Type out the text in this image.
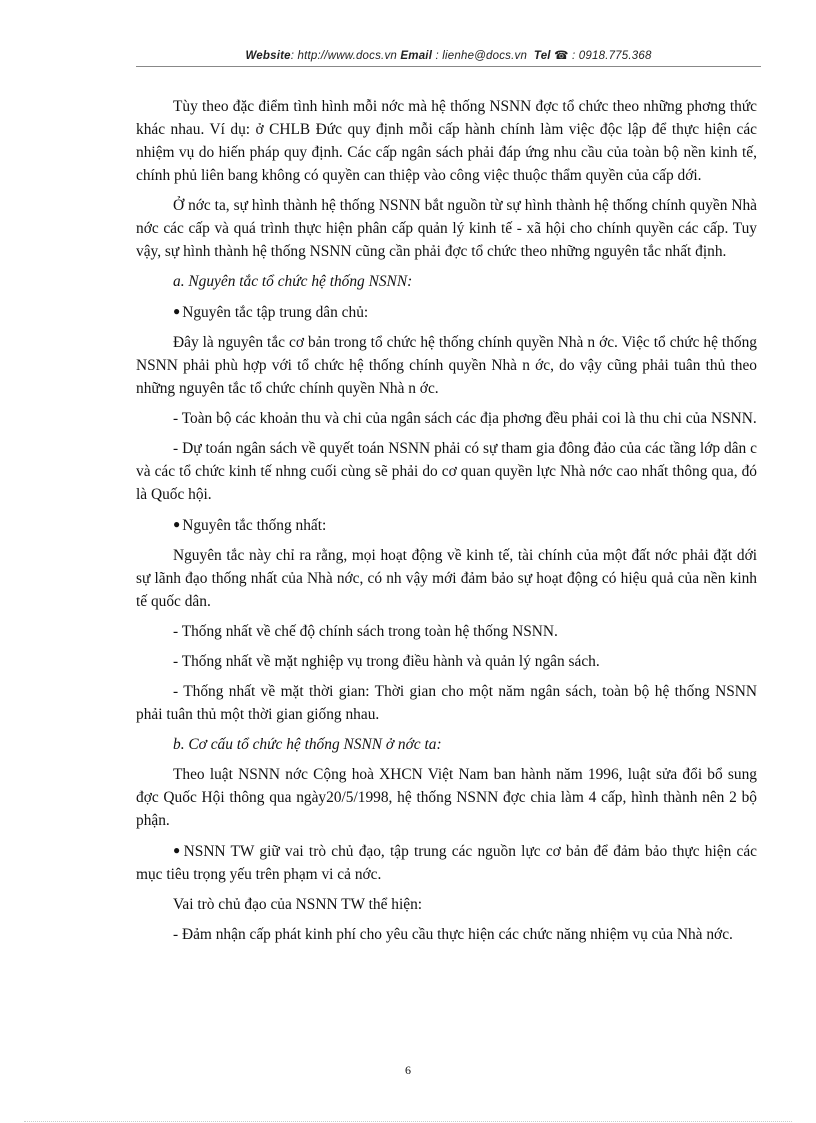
Website: http://www.docs.vn Email : lienhe@docs.vn Tel ☎ : 0918.775.368

Tùy theo đặc điểm tình hình mỗi nớc mà hệ thống NSNN đợc tổ chức theo những phơng thức khác nhau. Ví dụ: ở CHLB Đức quy định mỗi cấp hành chính làm việc độc lập để thực hiện các nhiệm vụ do hiến pháp quy định. Các cấp ngân sách phải đáp ứng nhu cầu của toàn bộ nền kinh tế, chính phủ liên bang không có quyền can thiệp vào công việc thuộc thẩm quyền của cấp dới.

Ở nớc ta, sự hình thành hệ thống NSNN bắt nguồn từ sự hình thành hệ thống chính quyền Nhà nớc các cấp và quá trình thực hiện phân cấp quản lý kinh tế - xã hội cho chính quyền các cấp. Tuy vậy, sự hình thành hệ thống NSNN cũng cần phải đợc tổ chức theo những nguyên tắc nhất định.

a. Nguyên tắc tổ chức hệ thống NSNN:

● Nguyên tắc tập trung dân chủ:

Đây là nguyên tắc cơ bản trong tổ chức hệ thống chính quyền Nhà n ớc. Việc tổ chức hệ thống NSNN phải phù hợp với tổ chức hệ thống chính quyền Nhà n ớc, do vậy cũng phải tuân thủ theo những nguyên tắc tổ chức chính quyền Nhà n ớc.

- Toàn bộ các khoản thu và chi của ngân sách các địa phơng đều phải coi là thu chi của NSNN.

- Dự toán ngân sách về quyết toán NSNN phải có sự tham gia đông đảo của các tầng lớp dân c và các tổ chức kinh tế nhng cuối cùng sẽ phải do cơ quan quyền lực Nhà nớc cao nhất thông qua, đó là Quốc hội.

● Nguyên tắc thống nhất:

Nguyên tắc này chỉ ra rằng, mọi hoạt động về kinh tế, tài chính của một đất nớc phải đặt dới sự lãnh đạo thống nhất của Nhà nớc, có nh vậy mới đảm bảo sự hoạt động có hiệu quả của nền kinh tế quốc dân.

- Thống nhất về chế độ chính sách trong toàn hệ thống NSNN.

- Thống nhất về mặt nghiệp vụ trong điều hành và quản lý ngân sách.

- Thống nhất về mặt thời gian: Thời gian cho một năm ngân sách, toàn bộ hệ thống NSNN phải tuân thủ một thời gian giống nhau.

b. Cơ cấu tổ chức hệ thống NSNN ở nớc ta:

Theo luật NSNN nớc Cộng hoà XHCN Việt Nam ban hành năm 1996, luật sửa đổi bổ sung đợc Quốc Hội thông qua ngày20/5/1998, hệ thống NSNN đợc chia làm 4 cấp, hình thành nên 2 bộ phận.

● NSNN TW giữ vai trò chủ đạo, tập trung các nguồn lực cơ bản để đảm bảo thực hiện các mục tiêu trọng yếu trên phạm vi cả nớc.

Vai trò chủ đạo của NSNN TW thể hiện:

- Đảm nhận cấp phát kinh phí cho yêu cầu thực hiện các chức năng nhiệm vụ của Nhà nớc.

6
